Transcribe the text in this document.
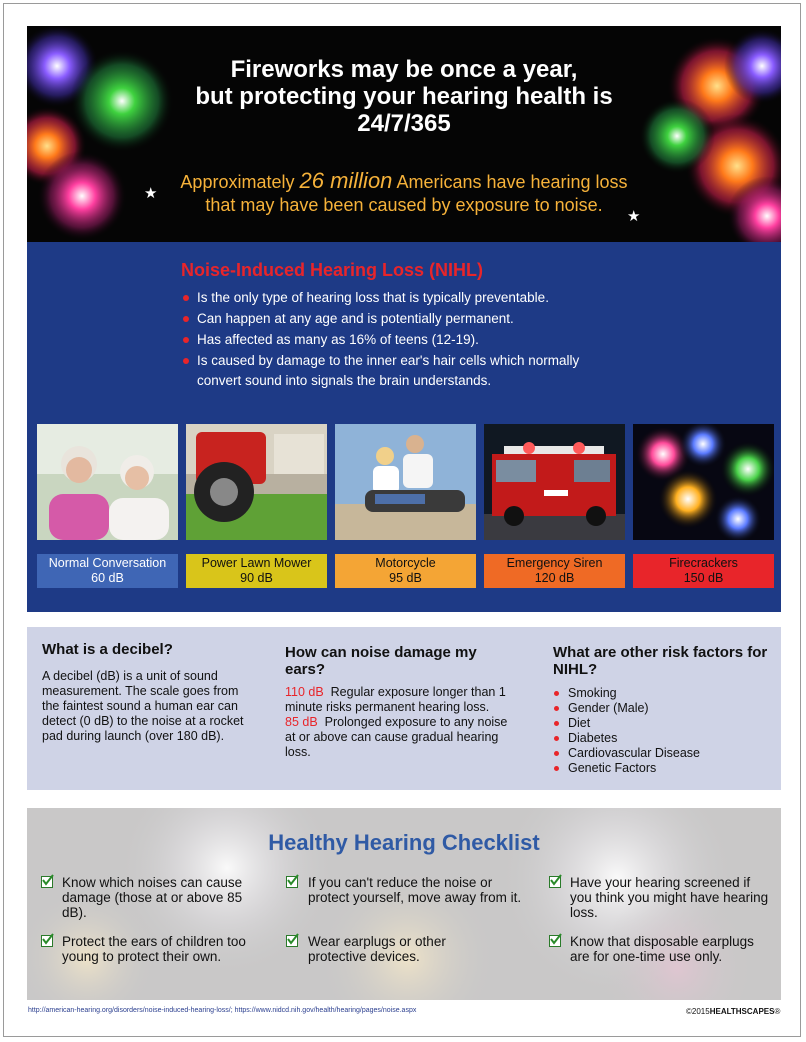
Fireworks may be once a year,
but protecting your hearing health is
24/7/365
Approximately 26 million Americans have hearing loss
that may have been caused by exposure to noise.
★
★
Noise-Induced Hearing Loss (NIHL)
Is the only type of hearing loss that is typically preventable.
Can happen at any age and is potentially permanent.
Has affected as many as 16% of teens (12-19).
Is caused by damage to the inner ear's hair cells which normally convert sound into signals the brain understands.
Normal Conversation
60 dB
Power Lawn Mower
90 dB
Motorcycle
95 dB
Emergency Siren
120 dB
Firecrackers
150 dB
What is a decibel?
A decibel (dB) is a unit of sound measurement. The scale goes from the faintest sound a human ear can detect (0 dB) to the noise at a rocket pad during launch (over 180 dB).
How can noise damage my ears?
110 dB Regular exposure longer than 1 minute risks permanent hearing loss.
85 dB Prolonged exposure to any noise at or above can cause gradual hearing loss.
What are other risk factors for NIHL?
Smoking
Gender (Male)
Diet
Diabetes
Cardiovascular Disease
Genetic Factors
Healthy Hearing Checklist
Know which noises can cause damage (those at or above 85 dB).
If you can't reduce the noise or protect yourself, move away from it.
Have your hearing screened if you think you might have hearing loss.
Protect the ears of children too young to protect their own.
Wear earplugs or other protective devices.
Know that disposable earplugs are for one-time use only.
http://american-hearing.org/disorders/noise-induced-hearing-loss/; https://www.nidcd.nih.gov/health/hearing/pages/noise.aspx	©2015HEALTHSCAPES®
